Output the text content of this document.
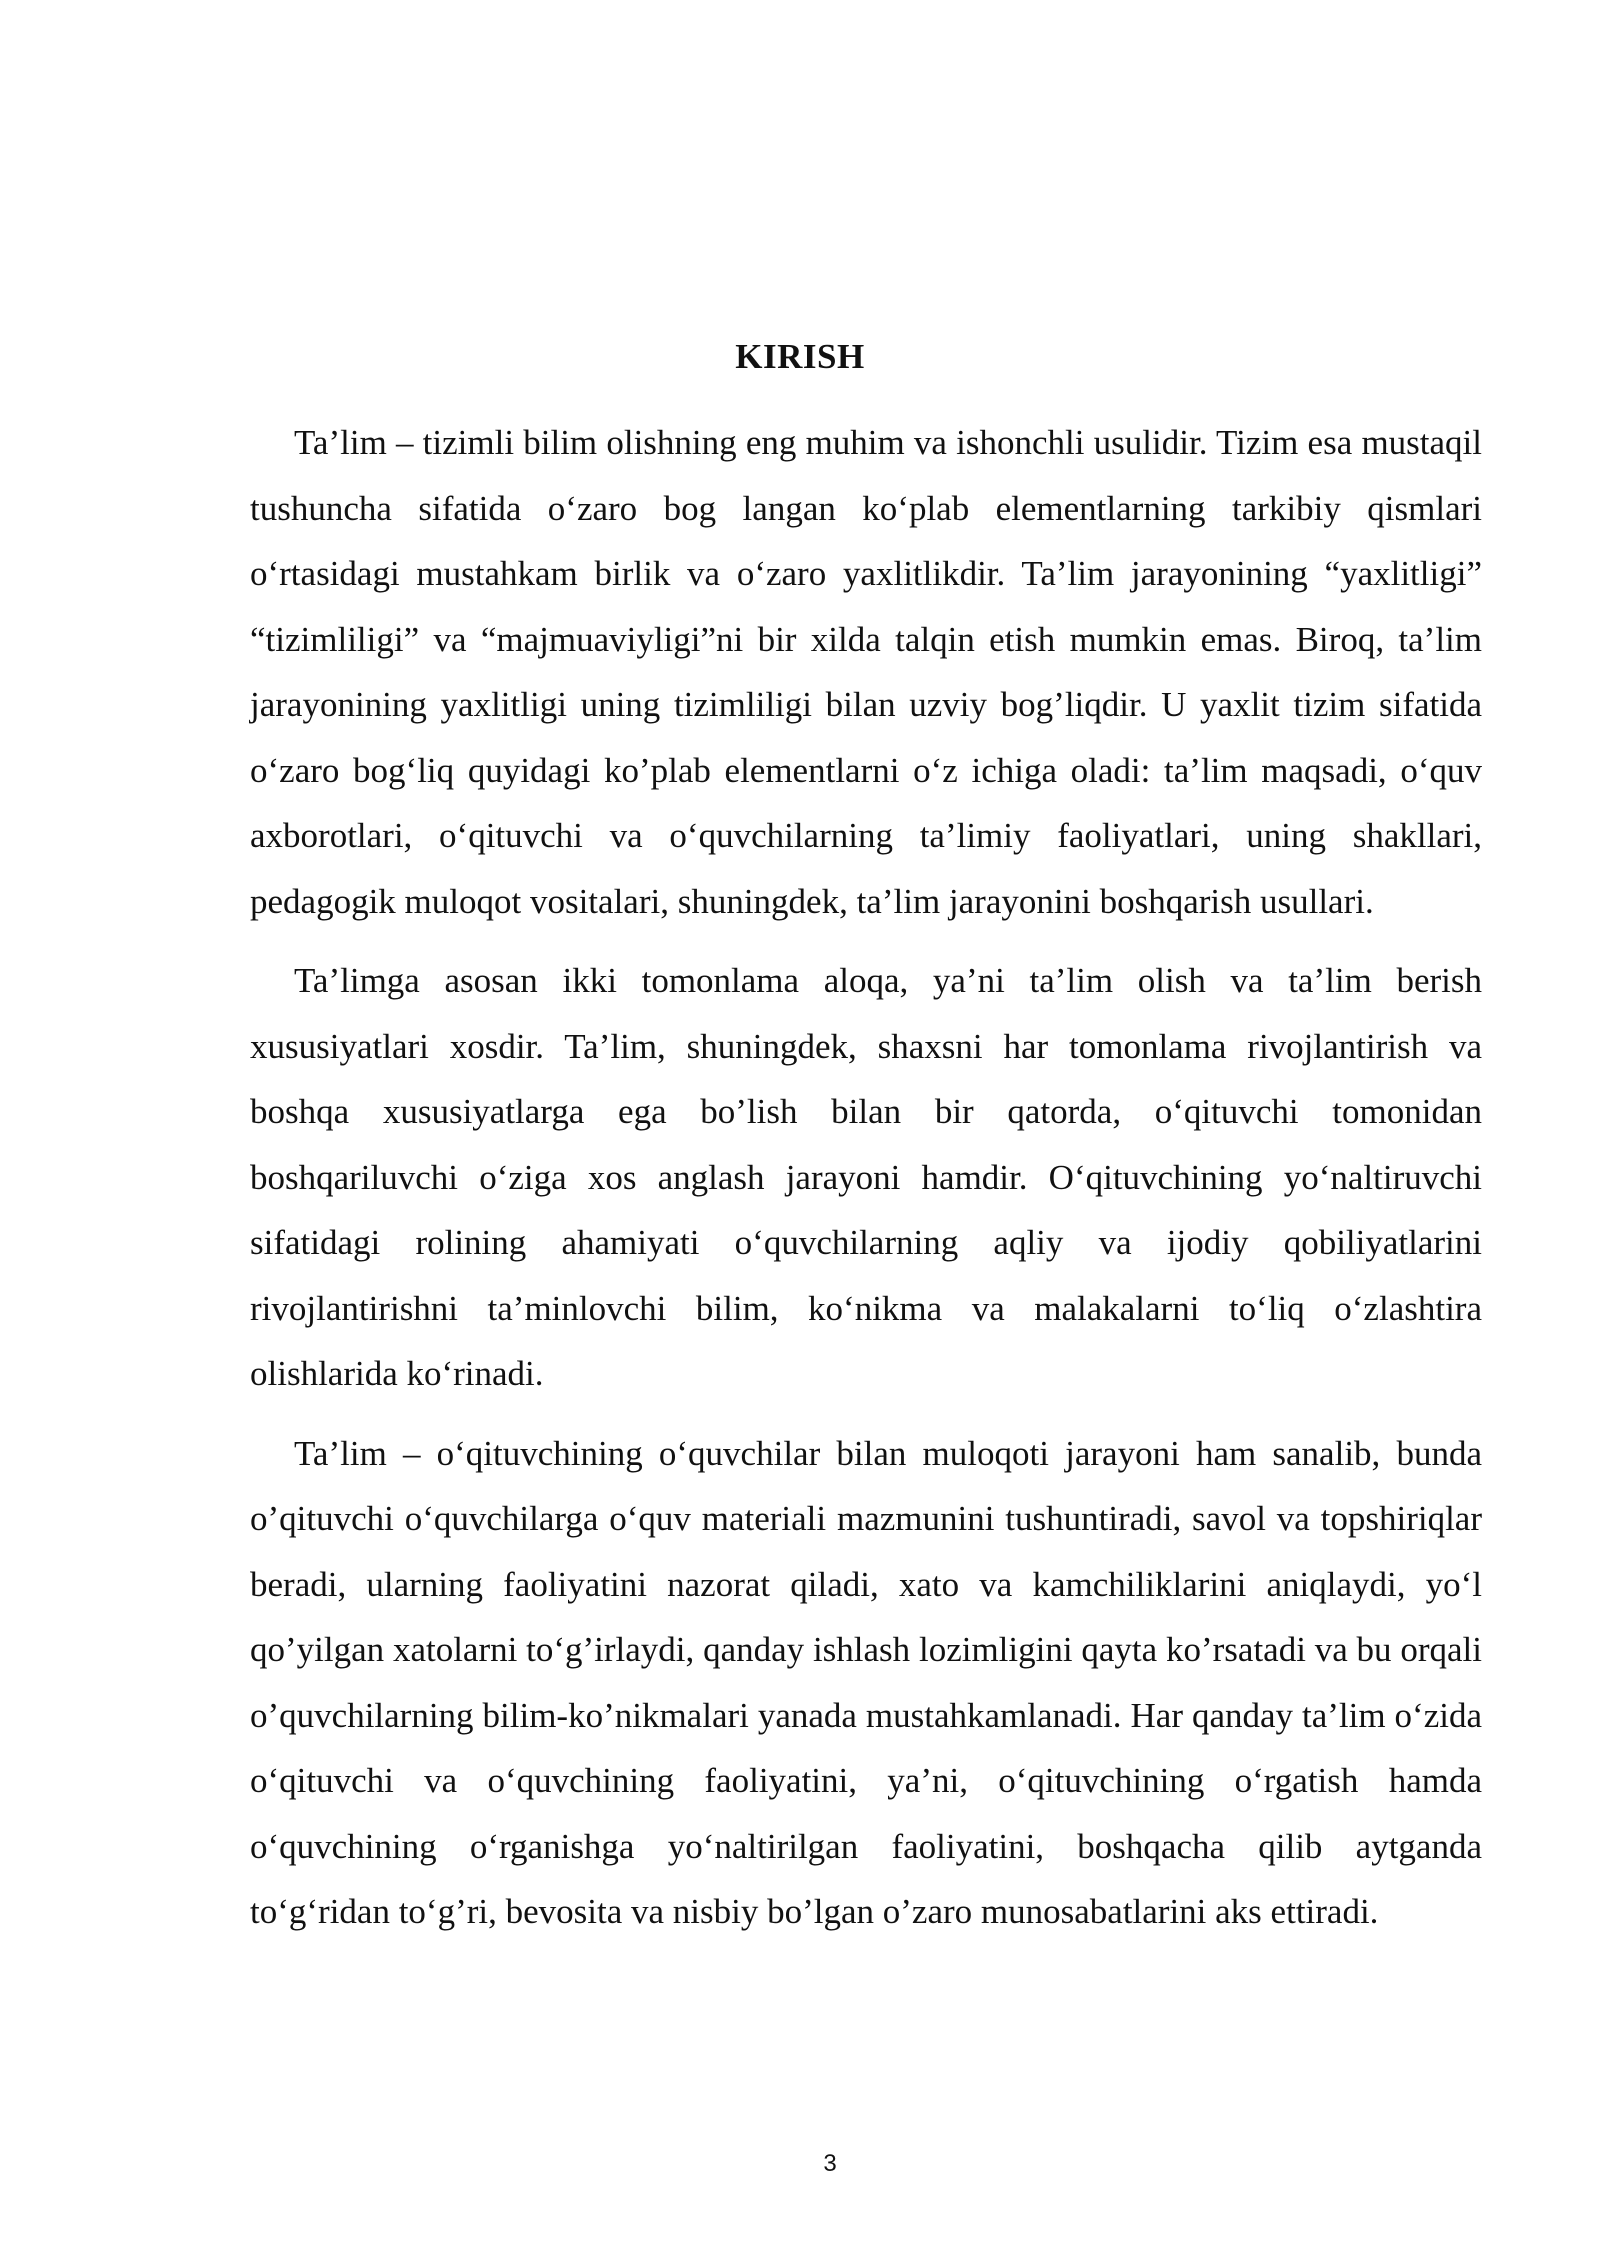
KIRISH

Ta’lim – tizimli bilim olishning eng muhim va ishonchli usulidir. Tizim esa mustaqil tushuncha sifatida o‘zaro bog langan ko‘plab elementlarning tarkibiy qismlari o‘rtasidagi mustahkam birlik va o‘zaro yaxlitlikdir. Ta’lim jarayonining “yaxlitligi” “tizimliligi” va “majmuaviyligi”ni bir xilda talqin etish mumkin emas. Biroq, ta’lim jarayonining yaxlitligi uning tizimliligi bilan uzviy bog’liqdir. U yaxlit tizim sifatida o‘zaro bog‘liq quyidagi ko’plab elementlarni o‘z ichiga oladi: ta’lim maqsadi, o‘quv axborotlari, o‘qituvchi va o‘quvchilarning ta’limiy faoliyatlari, uning shakllari, pedagogik muloqot vositalari, shuningdek, ta’lim jarayonini boshqarish usullari.

Ta’limga asosan ikki tomonlama aloqa, ya’ni ta’lim olish va ta’lim berish xususiyatlari xosdir. Ta’lim, shuningdek, shaxsni har tomonlama rivojlantirish va boshqa xususiyatlarga ega bo’lish bilan bir qatorda, o‘qituvchi tomonidan boshqariluvchi o‘ziga xos anglash jarayoni hamdir. O‘qituvchining yo‘naltiruvchi sifatidagi rolining ahamiyati o‘quvchilarning aqliy va ijodiy qobiliyatlarini rivojlantirishni ta’minlovchi bilim, ko‘nikma va malakalarni to‘liq o‘zlashtira olishlarida ko‘rinadi.

Ta’lim – o‘qituvchining o‘quvchilar bilan muloqoti jarayoni ham sanalib, bunda o’qituvchi o‘quvchilarga o‘quv materiali mazmunini tushuntiradi, savol va topshiriqlar beradi, ularning faoliyatini nazorat qiladi, xato va kamchiliklarini aniqlaydi, yo‘l qo’yilgan xatolarni to‘g’irlaydi, qanday ishlash lozimligini qayta ko’rsatadi va bu orqali o’quvchilarning bilim-ko’nikmalari yanada mustahkamlanadi. Har qanday ta’lim o‘zida o‘qituvchi va o‘quvchining faoliyatini, ya’ni, o‘qituvchining o‘rgatish hamda o‘quvchining o‘rganishga yo‘naltirilgan faoliyatini, boshqacha qilib aytganda to‘g‘ridan to‘g’ri, bevosita va nisbiy bo’lgan o’zaro munosabatlarini aks ettiradi.

3
